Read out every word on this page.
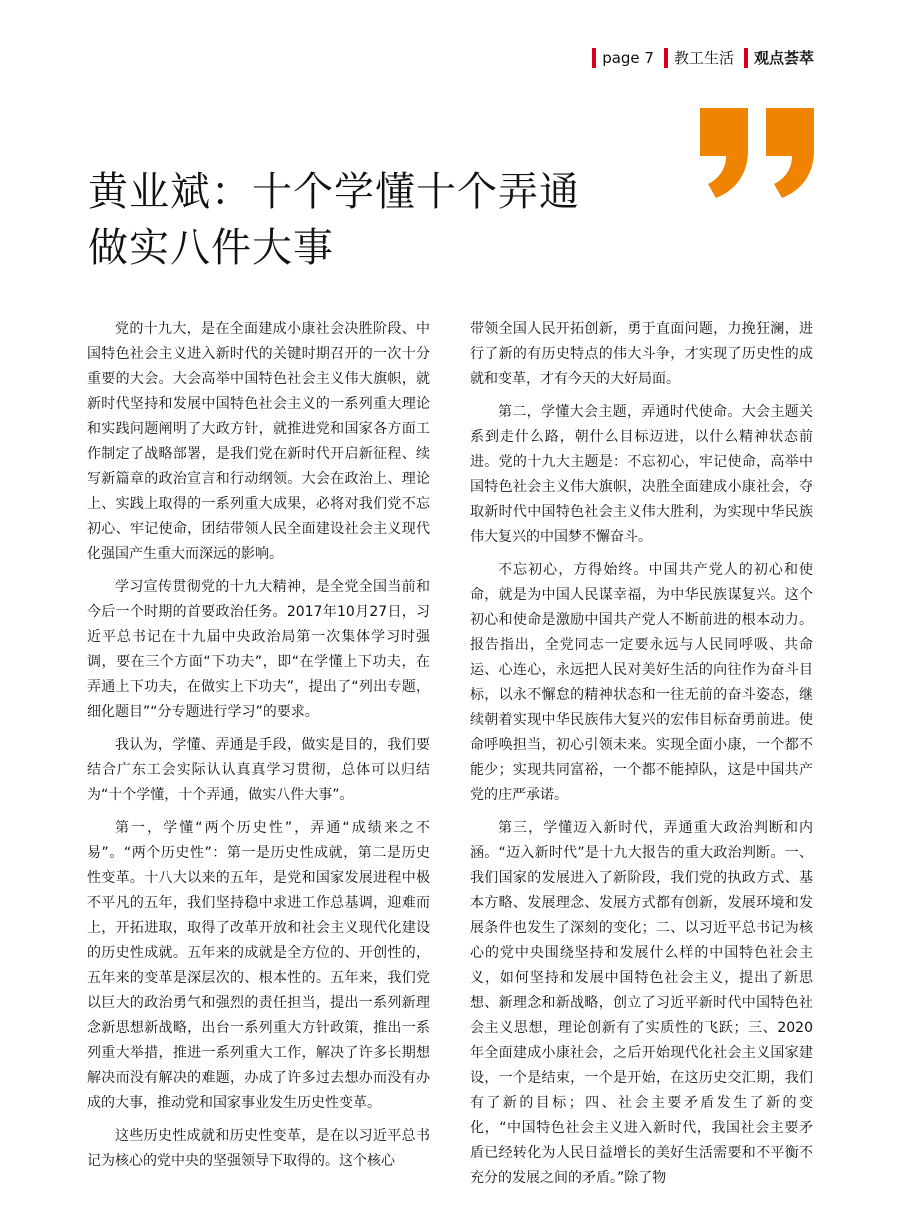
page 7 教工生活 观点荟萃
黄业斌：十个学懂十个弄通
做实八件大事

党的十九大，是在全面建成小康社会决胜阶段、中国特色社会主义进入新时代的关键时期召开的一次十分重要的大会。大会高举中国特色社会主义伟大旗帜，就新时代坚持和发展中国特色社会主义的一系列重大理论和实践问题阐明了大政方针，就推进党和国家各方面工作制定了战略部署，是我们党在新时代开启新征程、续写新篇章的政治宣言和行动纲领。大会在政治上、理论上、实践上取得的一系列重大成果，必将对我们党不忘初心、牢记使命，团结带领人民全面建设社会主义现代化强国产生重大而深远的影响。

学习宣传贯彻党的十九大精神，是全党全国当前和今后一个时期的首要政治任务。2017年10月27日，习近平总书记在十九届中央政治局第一次集体学习时强调，要在三个方面“下功夫”，即“在学懂上下功夫，在弄通上下功夫，在做实上下功夫”，提出了“列出专题，细化题目”“分专题进行学习”的要求。

我认为，学懂、弄通是手段，做实是目的，我们要结合广东工会实际认认真真学习贯彻，总体可以归结为“十个学懂，十个弄通，做实八件大事”。

第一，学懂“两个历史性”，弄通“成绩来之不易”。“两个历史性”：第一是历史性成就，第二是历史性变革。十八大以来的五年，是党和国家发展进程中极不平凡的五年，我们坚持稳中求进工作总基调，迎难而上，开拓进取，取得了改革开放和社会主义现代化建设的历史性成就。五年来的成就是全方位的、开创性的，五年来的变革是深层次的、根本性的。五年来，我们党以巨大的政治勇气和强烈的责任担当，提出一系列新理念新思想新战略，出台一系列重大方针政策，推出一系列重大举措，推进一系列重大工作，解决了许多长期想解决而没有解决的难题，办成了许多过去想办而没有办成的大事，推动党和国家事业发生历史性变革。

这些历史性成就和历史性变革，是在以习近平总书记为核心的党中央的坚强领导下取得的。这个核心

带领全国人民开拓创新，勇于直面问题，力挽狂澜，进行了新的有历史特点的伟大斗争，才实现了历史性的成就和变革，才有今天的大好局面。

第二，学懂大会主题，弄通时代使命。大会主题关系到走什么路，朝什么目标迈进，以什么精神状态前进。党的十九大主题是：不忘初心，牢记使命，高举中国特色社会主义伟大旗帜，决胜全面建成小康社会，夺取新时代中国特色社会主义伟大胜利，为实现中华民族伟大复兴的中国梦不懈奋斗。

不忘初心，方得始终。中国共产党人的初心和使命，就是为中国人民谋幸福，为中华民族谋复兴。这个初心和使命是激励中国共产党人不断前进的根本动力。报告指出，全党同志一定要永远与人民同呼吸、共命运、心连心，永远把人民对美好生活的向往作为奋斗目标，以永不懈怠的精神状态和一往无前的奋斗姿态，继续朝着实现中华民族伟大复兴的宏伟目标奋勇前进。使命呼唤担当，初心引领未来。实现全面小康，一个都不能少；实现共同富裕，一个都不能掉队，这是中国共产党的庄严承诺。

第三，学懂迈入新时代，弄通重大政治判断和内涵。“迈入新时代”是十九大报告的重大政治判断。一、我们国家的发展进入了新阶段，我们党的执政方式、基本方略、发展理念、发展方式都有创新，发展环境和发展条件也发生了深刻的变化；二、以习近平总书记为核心的党中央围绕坚持和发展什么样的中国特色社会主义，如何坚持和发展中国特色社会主义，提出了新思想、新理念和新战略，创立了习近平新时代中国特色社会主义思想，理论创新有了实质性的飞跃；三、2020 年全面建成小康社会，之后开始现代化社会主义国家建设，一个是结束，一个是开始，在这历史交汇期，我们有了新的目标；四、社会主要矛盾发生了新的变化，“中国特色社会主义进入新时代，我国社会主要矛盾已经转化为人民日益增长的美好生活需要和不平衡不充分的发展之间的矛盾。”除了物
